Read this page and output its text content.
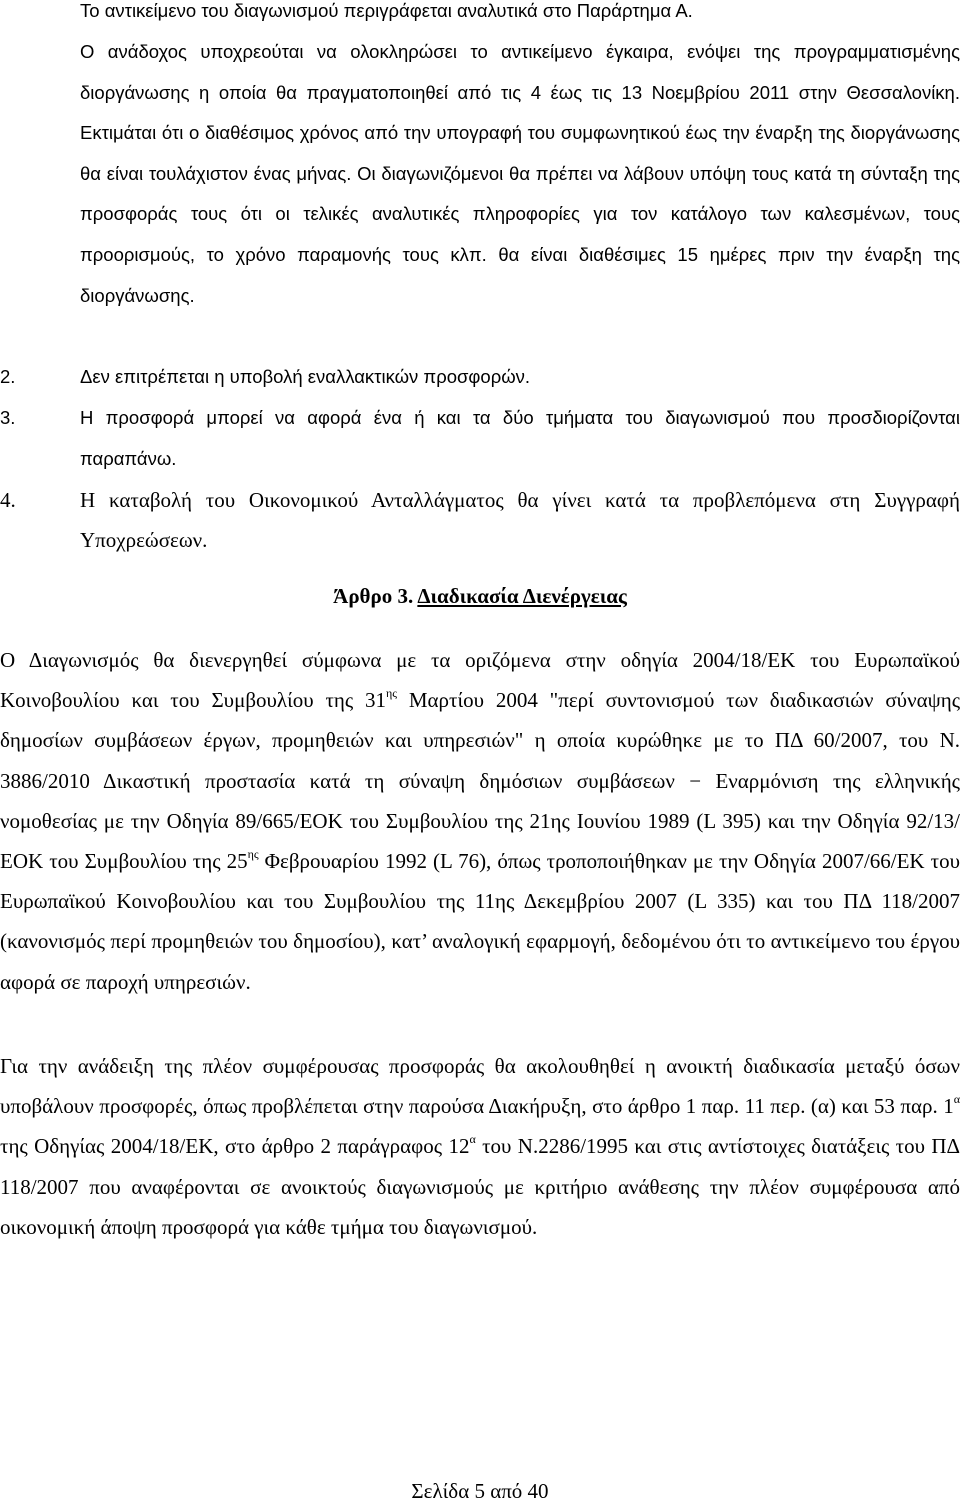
Το αντικείμενο του διαγωνισμού περιγράφεται αναλυτικά στο Παράρτημα Α.

Ο ανάδοχος υποχρεούται να ολοκληρώσει το αντικείμενο έγκαιρα, ενόψει της προγραμματισμένης διοργάνωσης η οποία θα πραγματοποιηθεί από τις 4 έως τις 13 Νοεμβρίου 2011 στην Θεσσαλονίκη. Εκτιμάται ότι ο διαθέσιμος χρόνος από την υπογραφή του συμφωνητικού έως την έναρξη της διοργάνωσης θα είναι τουλάχιστον ένας μήνας. Οι διαγωνιζόμενοι θα πρέπει να λάβουν υπόψη τους κατά τη σύνταξη της προσφοράς τους ότι οι τελικές αναλυτικές πληροφορίες για τον κατάλογο των καλεσμένων, τους προορισμούς, το χρόνο παραμονής τους κλπ. θα είναι διαθέσιμες 15 ημέρες πριν την έναρξη της διοργάνωσης.

2.	Δεν επιτρέπεται η υποβολή εναλλακτικών προσφορών.

3.	Η προσφορά μπορεί να αφορά ένα ή και τα δύο τμήματα του διαγωνισμού που προσδιορίζονται παραπάνω.

4.	Η καταβολή του Οικονομικού Ανταλλάγματος θα γίνει κατά τα προβλεπόμενα στη Συγγραφή Υποχρεώσεων.

Άρθρο 3. Διαδικασία Διενέργειας

Ο Διαγωνισμός θα διενεργηθεί σύμφωνα με τα οριζόμενα στην οδηγία 2004/18/ΕΚ του Ευρωπαϊκού Κοινοβουλίου και του Συμβουλίου της $31^{\eta\varsigma}$ Μαρτίου 2004 "περί συντονισμού των διαδικασιών σύναψης δημοσίων συμβάσεων έργων, προμηθειών και υπηρεσιών" η οποία κυρώθηκε με το ΠΔ 60/2007, του Ν. 3886/2010 Δικαστική προστασία κατά τη σύναψη δημόσιων συμβάσεων − Εναρμόνιση της ελληνικής νομοθεσίας με την Οδηγία 89/665/ΕΟΚ του Συμβουλίου της 21ης Ιουνίου 1989 (L 395) και την Οδηγία 92/13/ΕΟΚ του Συμβουλίου της $25^{\eta\varsigma}$ Φεβρουαρίου 1992 (L 76), όπως τροποποιήθηκαν με την Οδηγία 2007/66/ΕΚ του Ευρωπαϊκού Κοινοβουλίου και του Συμβουλίου της 11ης Δεκεμβρίου 2007 (L 335) και του ΠΔ 118/2007 (κανονισμός περί προμηθειών του δημοσίου), κατ’ αναλογική εφαρμογή, δεδομένου ότι το αντικείμενο του έργου αφορά σε παροχή υπηρεσιών.

Για την ανάδειξη της πλέον συμφέρουσας προσφοράς θα ακολουθηθεί η ανοικτή διαδικασία μεταξύ όσων υποβάλουν προσφορές, όπως προβλέπεται στην παρούσα Διακήρυξη, στο άρθρο 1 παρ. 11 περ. (α) και 53 παρ. $1^\alpha$ της Οδηγίας 2004/18/ΕΚ, στο άρθρο 2 παράγραφος $12^\alpha$ του Ν.2286/1995 και στις αντίστοιχες διατάξεις του ΠΔ 118/2007 που αναφέρονται σε ανοικτούς διαγωνισμούς με κριτήριο ανάθεσης την πλέον συμφέρουσα από οικονομική άποψη προσφορά για κάθε τμήμα του διαγωνισμού.

Σελίδα 5 από 40
